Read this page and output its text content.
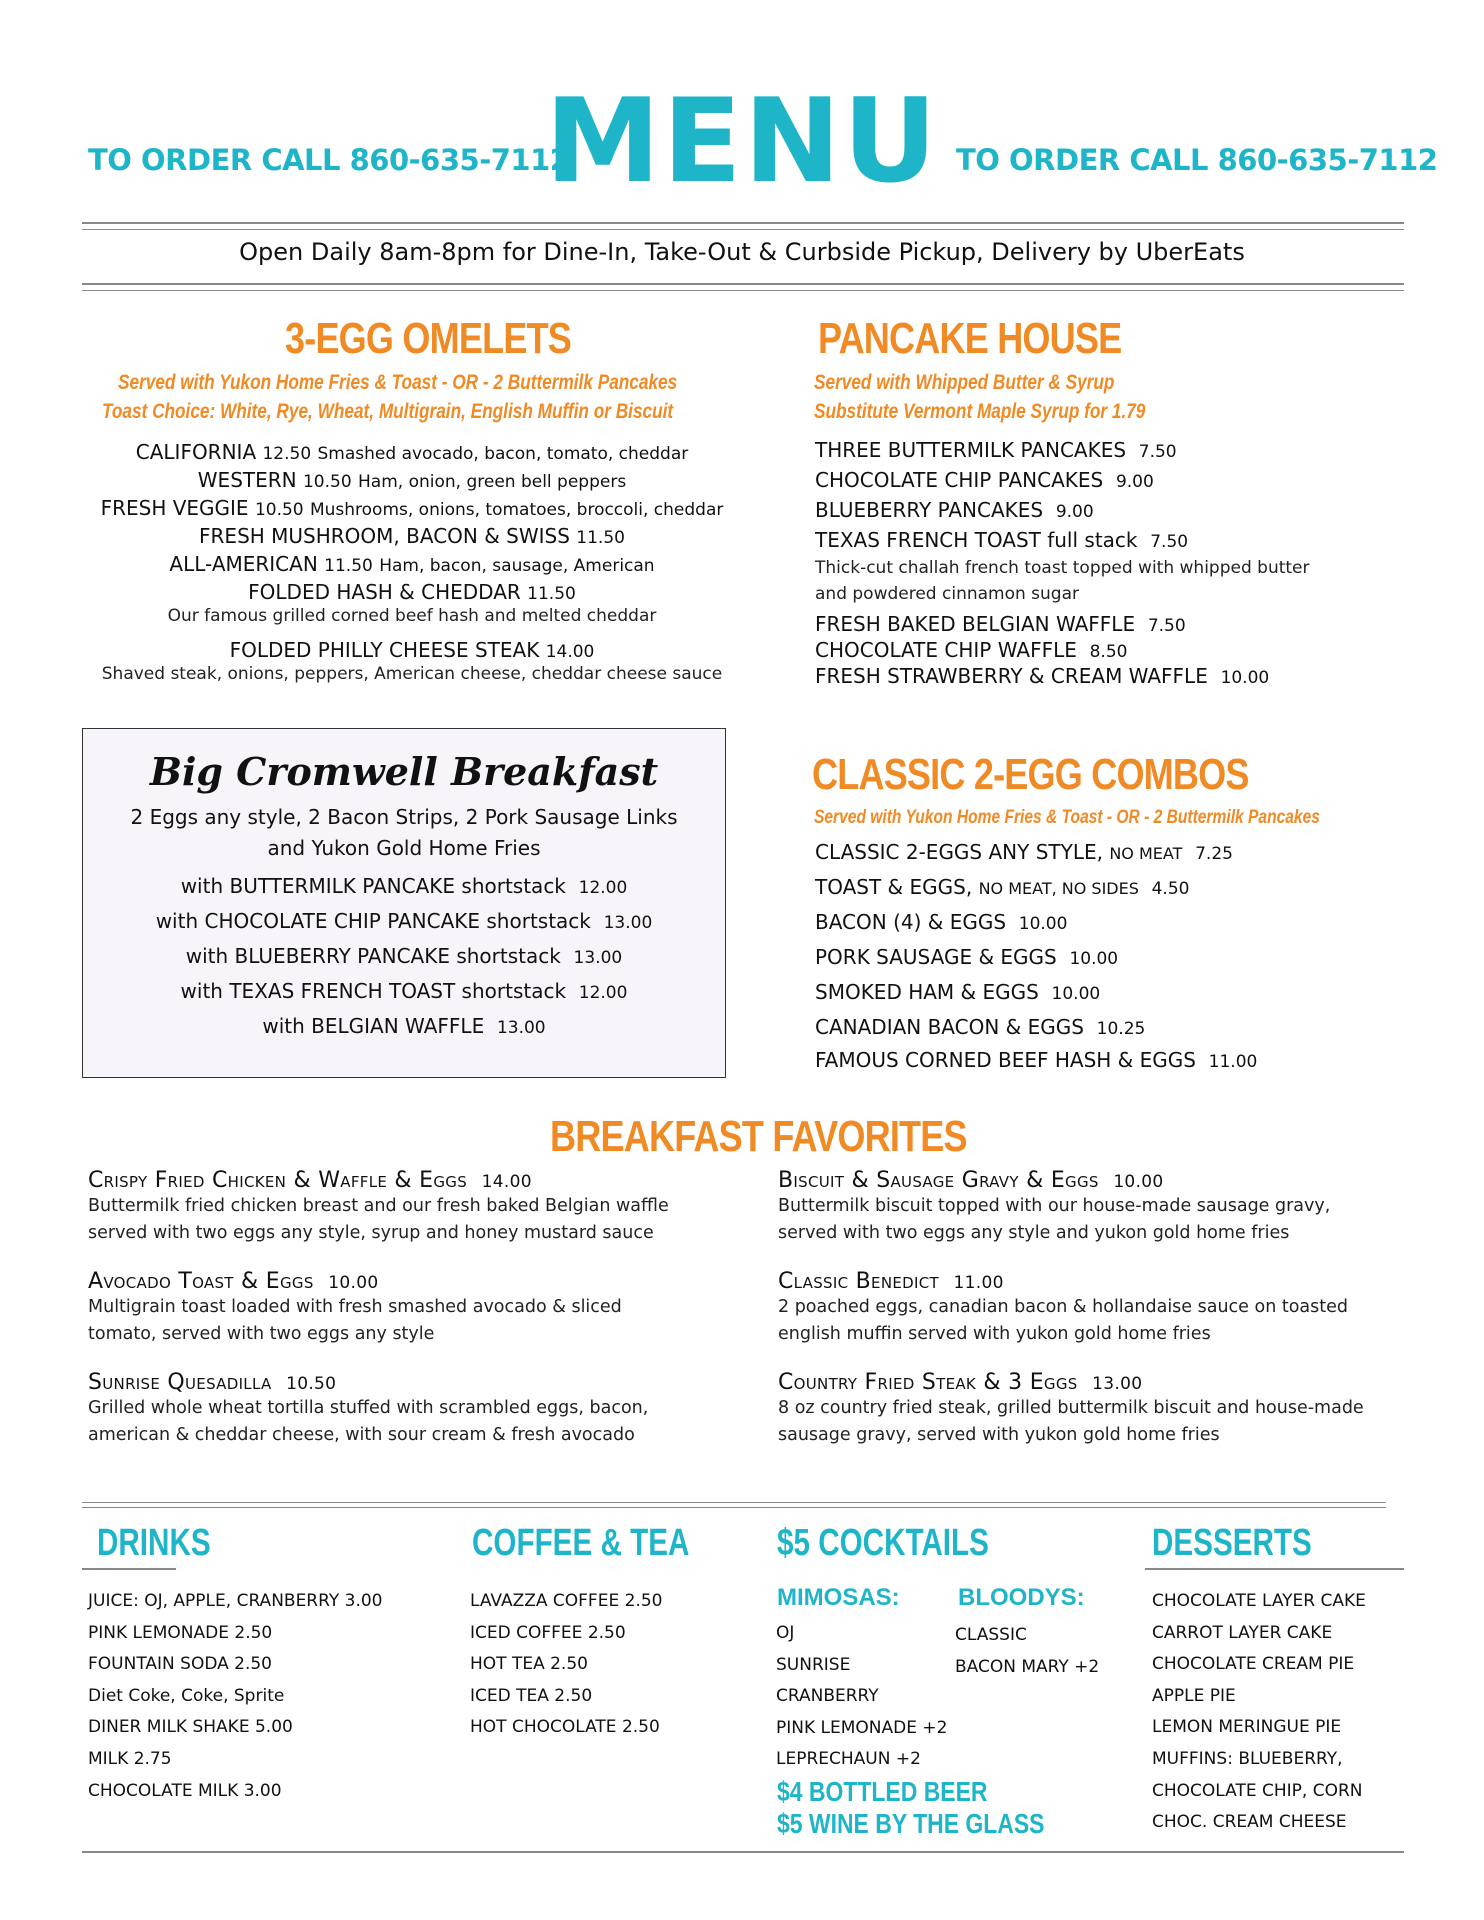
TO ORDER CALL 860-635-7112
MENU TO ORDER CALL 860-635-7112
Open Daily 8am-8pm for Dine-In, Take-Out & Curbside Pickup, Delivery by UberEats
3-EGG OMELETS
Served with Yukon Home Fries & Toast - OR - 2 Buttermilk Pancakes
Toast Choice: White, Rye, Wheat, Multigrain, English Muffin or Biscuit
CALIFORNIA 12.50 Smashed avocado, bacon, tomato, cheddar
WESTERN 10.50 Ham, onion, green bell peppers
FRESH VEGGIE 10.50 Mushrooms, onions, tomatoes, broccoli, cheddar
FRESH MUSHROOM, BACON & SWISS 11.50
ALL-AMERICAN 11.50 Ham, bacon, sausage, American
FOLDED HASH & CHEDDAR 11.50
Our famous grilled corned beef hash and melted cheddar
FOLDED PHILLY CHEESE STEAK 14.00
Shaved steak, onions, peppers, American cheese, cheddar cheese sauce
PANCAKE HOUSE
Served with Whipped Butter & Syrup
Substitute Vermont Maple Syrup for 1.79
THREE BUTTERMILK PANCAKES 7.50
CHOCOLATE CHIP PANCAKES 9.00
BLUEBERRY PANCAKES 9.00
TEXAS FRENCH TOAST full stack 7.50
Thick-cut challah french toast topped with whipped butter
and powdered cinnamon sugar
FRESH BAKED BELGIAN WAFFLE 7.50
CHOCOLATE CHIP WAFFLE 8.50
FRESH STRAWBERRY & CREAM WAFFLE 10.00
Big Cromwell Breakfast
2 Eggs any style, 2 Bacon Strips, 2 Pork Sausage Links
and Yukon Gold Home Fries
with BUTTERMILK PANCAKE shortstack 12.00
with CHOCOLATE CHIP PANCAKE shortstack 13.00
with BLUEBERRY PANCAKE shortstack 13.00
with TEXAS FRENCH TOAST shortstack 12.00
with BELGIAN WAFFLE 13.00
CLASSIC 2-EGG COMBOS
Served with Yukon Home Fries & Toast - OR - 2 Buttermilk Pancakes
CLASSIC 2-EGGS ANY STYLE, NO MEAT 7.25
TOAST & EGGS, NO MEAT, NO SIDES 4.50
BACON (4) & EGGS 10.00
PORK SAUSAGE & EGGS 10.00
SMOKED HAM & EGGS 10.00
CANADIAN BACON & EGGS 10.25
FAMOUS CORNED BEEF HASH & EGGS 11.00
BREAKFAST FAVORITES
Crispy Fried Chicken & Waffle & Eggs 14.00
Buttermilk fried chicken breast and our fresh baked Belgian waffle
served with two eggs any style, syrup and honey mustard sauce
Avocado Toast & Eggs 10.00
Multigrain toast loaded with fresh smashed avocado & sliced
tomato, served with two eggs any style
Sunrise Quesadilla 10.50
Grilled whole wheat tortilla stuffed with scrambled eggs, bacon,
american & cheddar cheese, with sour cream & fresh avocado
Biscuit & Sausage Gravy & Eggs 10.00
Buttermilk biscuit topped with our house-made sausage gravy,
served with two eggs any style and yukon gold home fries
Classic Benedict 11.00
2 poached eggs, canadian bacon & hollandaise sauce on toasted
english muffin served with yukon gold home fries
Country Fried Steak & 3 Eggs 13.00
8 oz country fried steak, grilled buttermilk biscuit and house-made
sausage gravy, served with yukon gold home fries
DRINKS	COFFEE & TEA $5 COCKTAILS	DESSERTS
JUICE: OJ, APPLE, CRANBERRY 3.00
PINK LEMONADE 2.50
FOUNTAIN SODA 2.50
Diet Coke, Coke, Sprite
DINER MILK SHAKE 5.00
MILK 2.75
CHOCOLATE MILK 3.00
LAVAZZA COFFEE 2.50
ICED COFFEE 2.50
HOT TEA 2.50
ICED TEA 2.50
HOT CHOCOLATE 2.50
MIMOSAS: BLOODYS:
OJ
SUNRISE
CRANBERRY
PINK LEMONADE +2
LEPRECHAUN +2
CLASSIC
BACON MARY +2
$4 BOTTLED BEER
$5 WINE BY THE GLASS
CHOCOLATE LAYER CAKE
CARROT LAYER CAKE
CHOCOLATE CREAM PIE
APPLE PIE
LEMON MERINGUE PIE
MUFFINS: BLUEBERRY,
CHOCOLATE CHIP, CORN
CHOC. CREAM CHEESE
